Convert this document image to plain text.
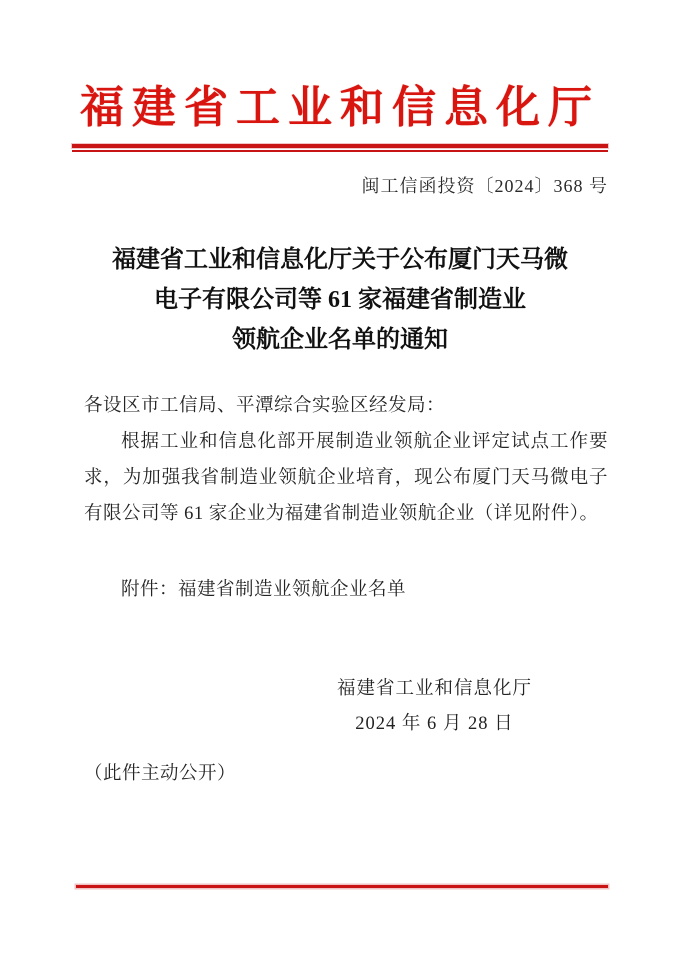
福建省工业和信息化厅
闽工信函投资〔2024〕368 号
福建省工业和信息化厅关于公布厦门天马微
电子有限公司等 61 家福建省制造业
领航企业名单的通知
各设区市工信局、平潭综合实验区经发局：

根据工业和信息化部开展制造业领航企业评定试点工作要求，为加强我省制造业领航企业培育，现公布厦门天马微电子有限公司等 61 家企业为福建省制造业领航企业（详见附件）。

附件：福建省制造业领航企业名单
福建省工业和信息化厅
2024 年 6 月 28 日
（此件主动公开）
